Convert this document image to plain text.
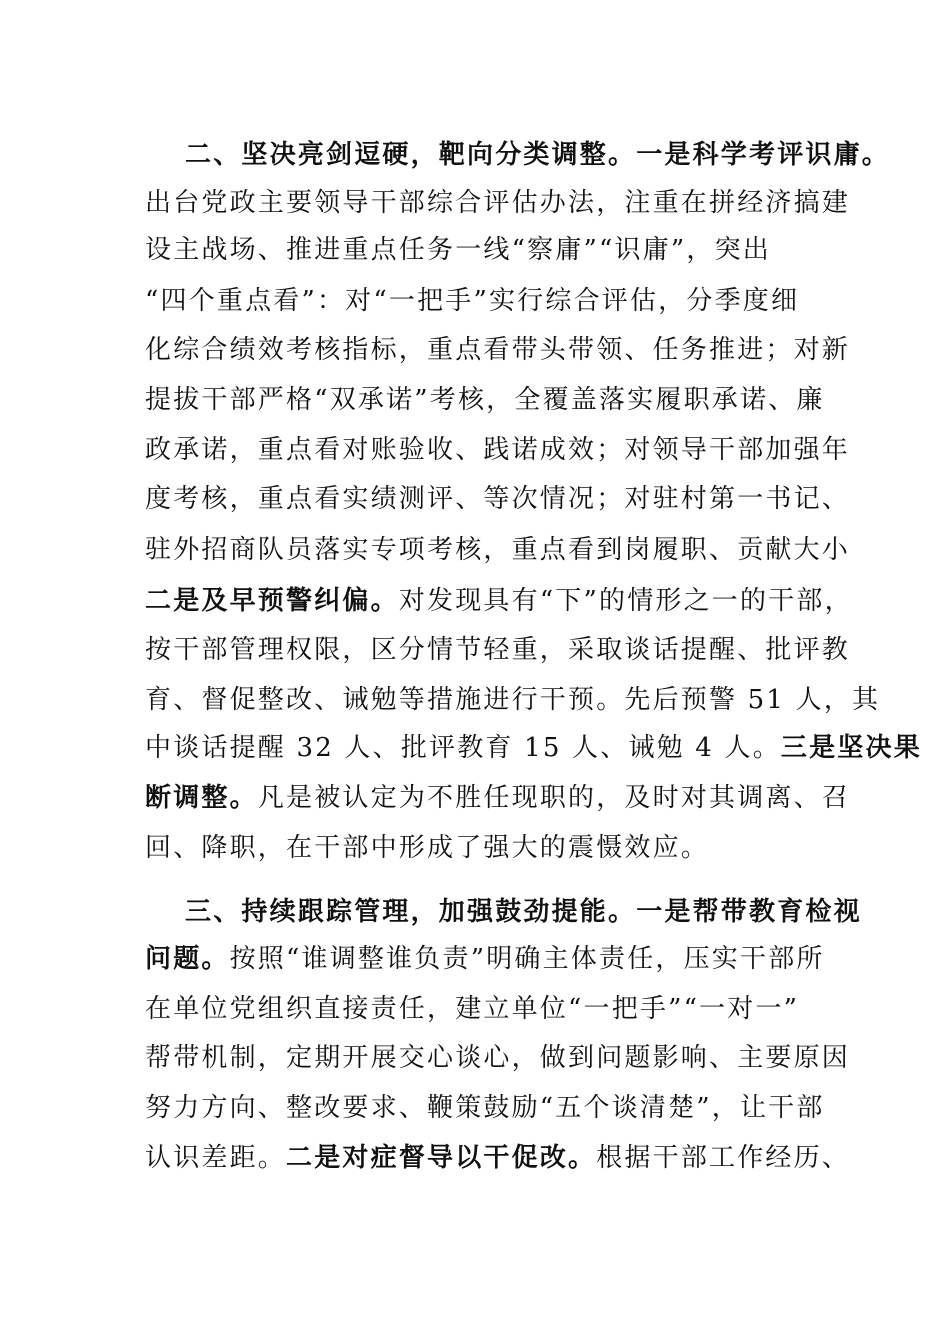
二、坚决亮剑逗硬，靶向分类调整。一是科学考评识庸。
出台党政主要领导干部综合评估办法，注重在拼经济搞建
设主战场、推进重点任务一线“察庸”“识庸”，突出
“四个重点看”：对“一把手”实行综合评估，分季度细
化综合绩效考核指标，重点看带头带领、任务推进；对新
提拔干部严格“双承诺”考核，全覆盖落实履职承诺、廉
政承诺，重点看对账验收、践诺成效；对领导干部加强年
度考核，重点看实绩测评、等次情况；对驻村第一书记、
驻外招商队员落实专项考核，重点看到岗履职、贡献大小
二是及早预警纠偏。对发现具有“下”的情形之一的干部，
按干部管理权限，区分情节轻重，采取谈话提醒、批评教
育、督促整改、诫勉等措施进行干预。先后预警 51 人，其
中谈话提醒 32 人、批评教育 15 人、诫勉 4 人。三是坚决果
断调整。凡是被认定为不胜任现职的，及时对其调离、召
回、降职，在干部中形成了强大的震慑效应。
三、持续跟踪管理，加强鼓劲提能。一是帮带教育检视
问题。按照“谁调整谁负责”明确主体责任，压实干部所
在单位党组织直接责任，建立单位“一把手”“一对一”
帮带机制，定期开展交心谈心，做到问题影响、主要原因
努力方向、整改要求、鞭策鼓励“五个谈清楚”，让干部
认识差距。二是对症督导以干促改。根据干部工作经历、
